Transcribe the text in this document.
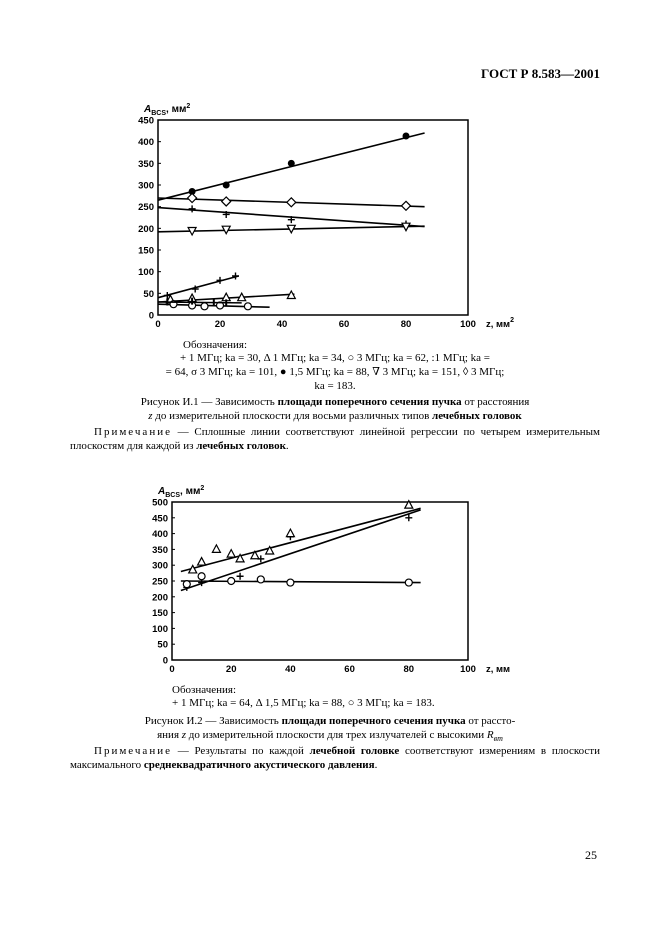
ГОСТ Р 8.583—2001
0
50
100
150
200
250
300
350
400
450
0	20	40	60	80	100
$A_{BCS}$, $мм^2$
z, $мм^2$
Обозначения:
+ 1 МГц; ka = 30, Δ 1 МГц; ka = 34, ○ 3 МГц; ka = 62, :1 МГц; ka =
= 64, σ 3 МГц; ka = 101, ● 1,5 МГц; ka = 88, ∇ 3 МГц; ka = 151, ◊ 3 МГц;
ka = 183.
Рисунок И.1 — Зависимость площади поперечного сечения пучка от расстояния
z до измерительной плоскости для восьми различных типов лечебных головок
Примечание — Сплошные линии соответствуют линейной регрессии по четырем измерительным плоскостям для каждой из лечебных головок.
0
50
100
150
200
250
300
350
400
450
500
0	20	40	60	80	100
$A_{BCS}$, $мм^2$
z, мм
Обозначения:
+ 1 МГц; ka = 64, Δ 1,5 МГц; ka = 88, ○ 3 МГц; ka = 183.
Рисунок И.2 — Зависимость площади поперечного сечения пучка от рассто-
яния z до измерительной плоскости для трех излучателей с высокими $R_{вт}$
Примечание — Результаты по каждой лечебной головке соответствуют измерениям в плоскости максимального среднеквадратичного акустического давления.
25
